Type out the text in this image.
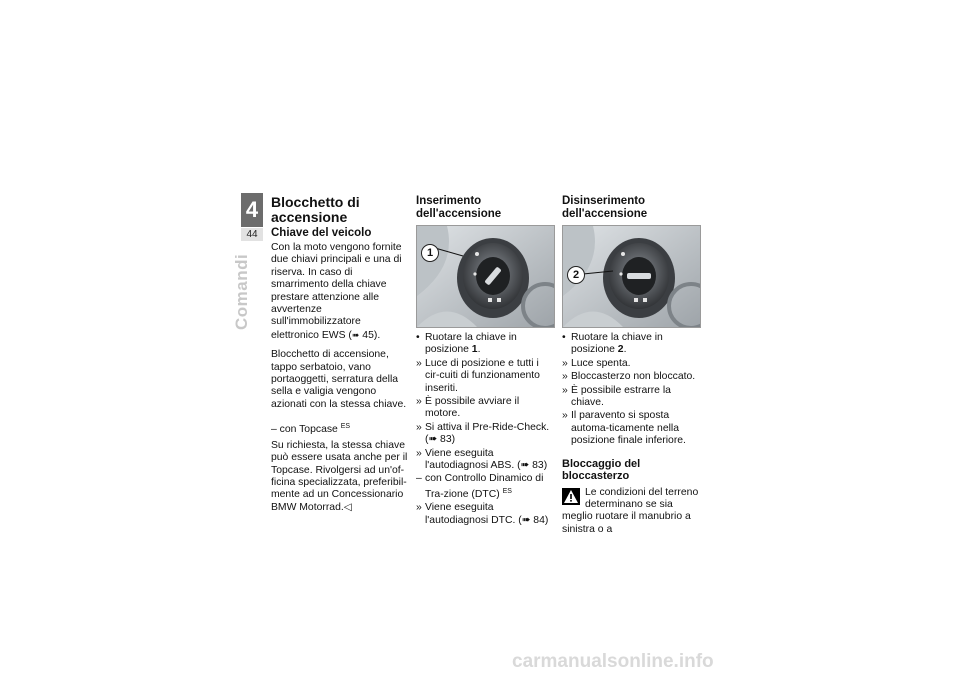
4
44
Comandi
Blocchetto di accensione
Chiave del veicolo
Con la moto vengono fornite due chiavi principali e una di riserva. In caso di smarrimento della chiave prestare attenzione alle avvertenze sull'immobilizzatore elettronico EWS (➠ 45).
Blocchetto di accensione, tappo serbatoio, vano portaoggetti, serratura della sella e valigia vengono azionati con la stessa chiave.
– con Topcase $^{ES}$
Su richiesta, la stessa chiave può essere usata anche per il Topcase. Rivolgersi ad un'of-ficina specializzata, preferibil-mente ad un Concessionario BMW Motorrad.◁
Inserimento dell'accensione
1
• Ruotare la chiave in posizione 1.
» Luce di posizione e tutti i cir-cuiti di funzionamento inseriti.
» È possibile avviare il motore.
» Si attiva il Pre-Ride-Check. (➠ 83)
» Viene eseguita l'autodiagnosi ABS. (➠ 83)
– con Controllo Dinamico di Tra-zione (DTC) $^{ES}$
» Viene eseguita l'autodiagnosi DTC. (➠ 84)
Disinserimento dell'accensione
2
• Ruotare la chiave in posizione 2.
» Luce spenta.
» Bloccasterzo non bloccato.
» È possibile estrarre la chiave.
» Il paravento si sposta automa-ticamente nella posizione finale inferiore.
Bloccaggio del bloccasterzo
Le condizioni del terreno determinano se sia meglio ruotare il manubrio a sinistra o a
carmanualsonline.info
